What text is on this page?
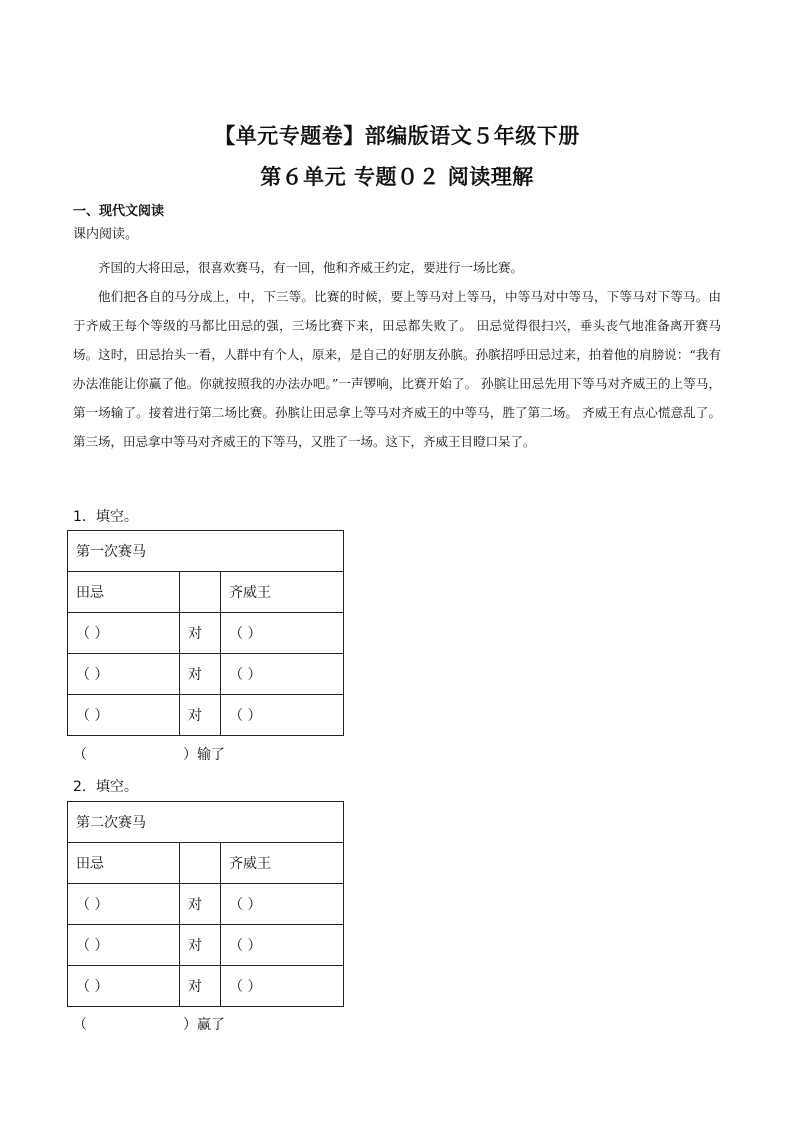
【单元专题卷】部编版语文５年级下册
第６单元 专题０２ 阅读理解
一、现代文阅读
课内阅读。

齐国的大将田忌，很喜欢赛马，有一回，他和齐威王约定，要进行一场比赛。

他们把各自的马分成上，中，下三等。比赛的时候，要上等马对上等马，中等马对中等马，下等马对下等马。由于齐威王每个等级的马都比田忌的强，三场比赛下来，田忌都失败了。 田忌觉得很扫兴，垂头丧气地准备离开赛马场。这时，田忌抬头一看，人群中有个人，原来，是自己的好朋友孙膑。孙膑招呼田忌过来，拍着他的肩膀说：“我有办法准能让你赢了他。你就按照我的办法办吧。”一声锣响，比赛开始了。 孙膑让田忌先用下等马对齐威王的上等马，第一场输了。接着进行第二场比赛。孙膑让田忌拿上等马对齐威王的中等马，胜了第二场。 齐威王有点心慌意乱了。第三场，田忌拿中等马对齐威王的下等马，又胜了一场。这下，齐威王目瞪口呆了。

1．填空。
第一次赛马		
田忌		齐威王
（ ）	对	（ ）
（ ）	对	（ ）
（ ）	对	（ ）
（	）输了
2．填空。
第二次赛马		
田忌		齐威王
（ ）	对	（ ）
（ ）	对	（ ）
（ ）	对	（ ）
（	）赢了
